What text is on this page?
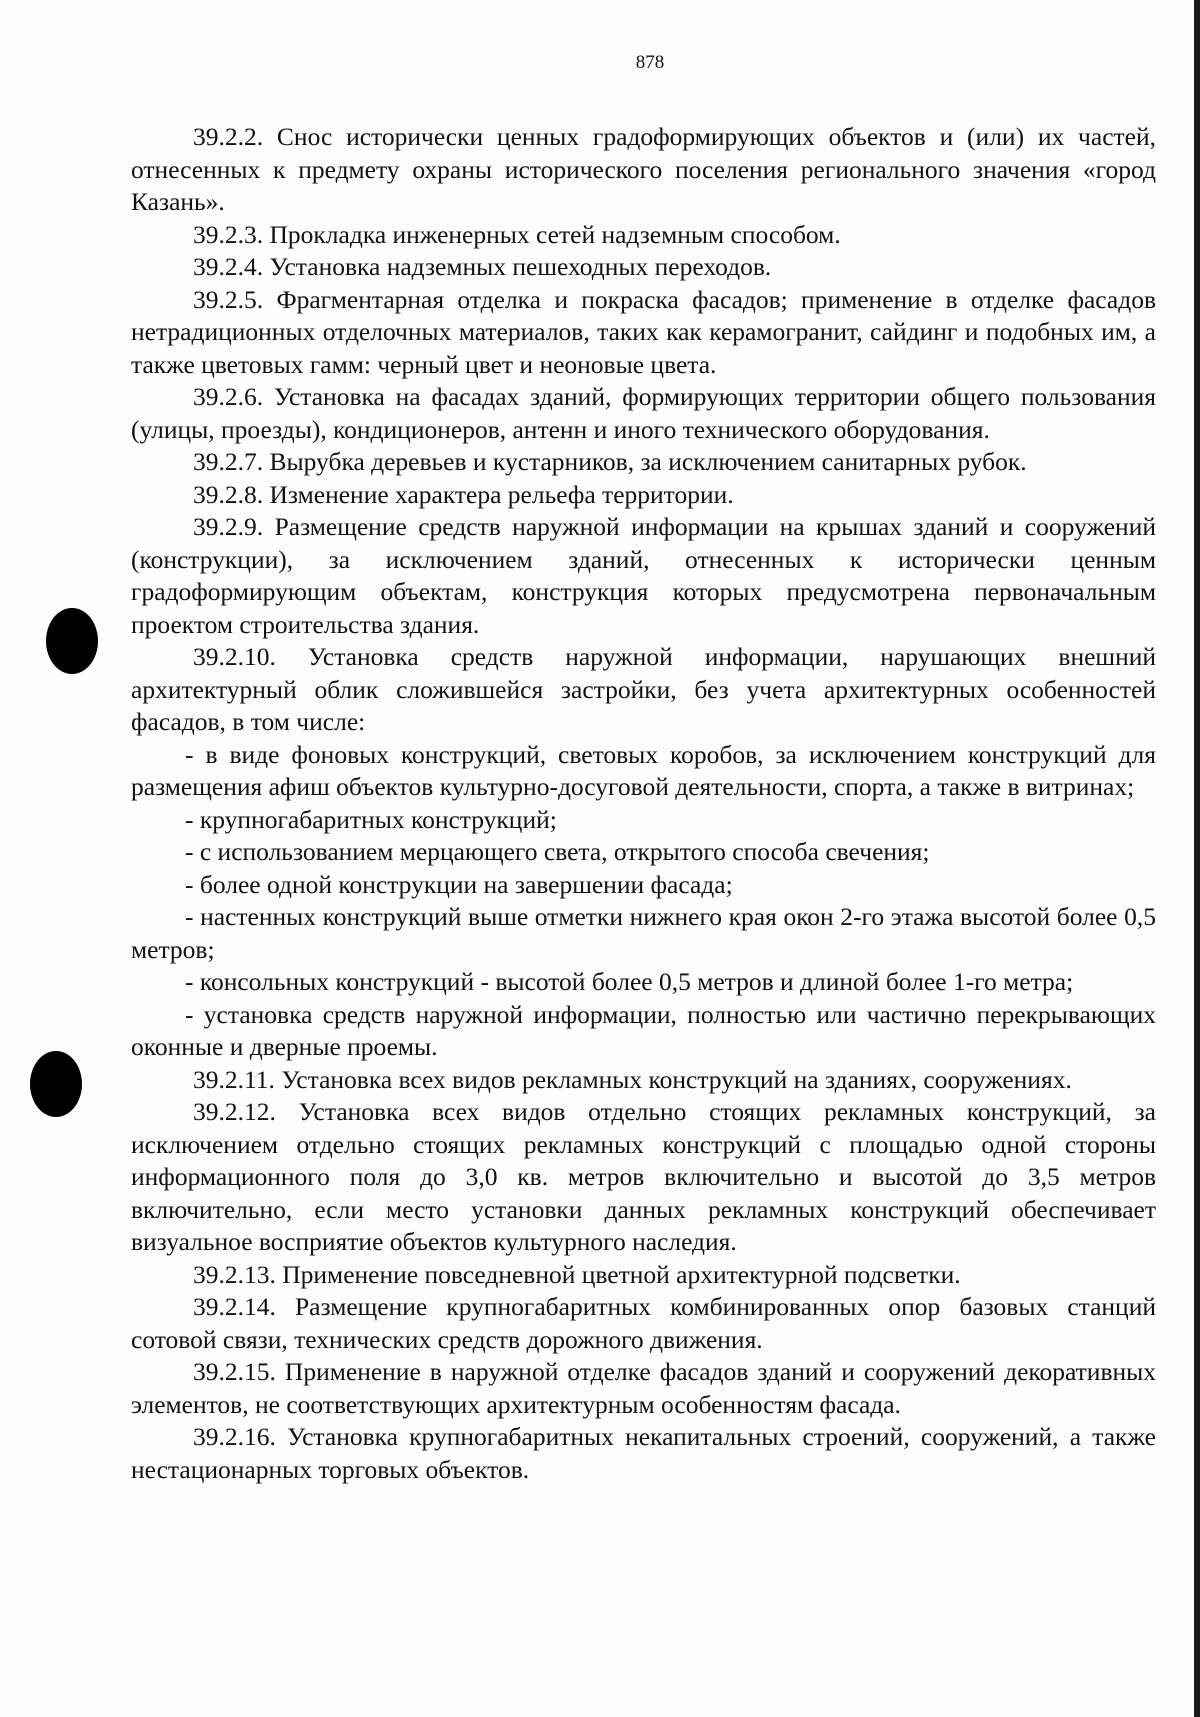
878

39.2.2. Снос исторически ценных градоформирующих объектов и (или) их частей, отнесенных к предмету охраны исторического поселения регионального значения «город Казань».

39.2.3. Прокладка инженерных сетей надземным способом.

39.2.4. Установка надземных пешеходных переходов.

39.2.5. Фрагментарная отделка и покраска фасадов; применение в отделке фасадов нетрадиционных отделочных материалов, таких как керамогранит, сайдинг и подобных им, а также цветовых гамм: черный цвет и неоновые цвета.

39.2.6. Установка на фасадах зданий, формирующих территории общего пользования (улицы, проезды), кондиционеров, антенн и иного технического оборудования.

39.2.7. Вырубка деревьев и кустарников, за исключением санитарных рубок.

39.2.8. Изменение характера рельефа территории.

39.2.9. Размещение средств наружной информации на крышах зданий и сооружений (конструкции), за исключением зданий, отнесенных к исторически ценным градоформирующим объектам, конструкция которых предусмотрена первоначальным проектом строительства здания.

39.2.10. Установка средств наружной информации, нарушающих внешний архитектурный облик сложившейся застройки, без учета архитектурных особенностей фасадов, в том числе:

- в виде фоновых конструкций, световых коробов, за исключением конструкций для размещения афиш объектов культурно-досуговой деятельности, спорта, а также в витринах;

- крупногабаритных конструкций;

- с использованием мерцающего света, открытого способа свечения;

- более одной конструкции на завершении фасада;

- настенных конструкций выше отметки нижнего края окон 2-го этажа высотой более 0,5 метров;

- консольных конструкций - высотой более 0,5 метров и длиной более 1-го метра;

- установка средств наружной информации, полностью или частично перекрывающих оконные и дверные проемы.

39.2.11. Установка всех видов рекламных конструкций на зданиях, сооружениях.

39.2.12. Установка всех видов отдельно стоящих рекламных конструкций, за исключением отдельно стоящих рекламных конструкций с площадью одной стороны информационного поля до 3,0 кв. метров включительно и высотой до 3,5 метров включительно, если место установки данных рекламных конструкций обеспечивает визуальное восприятие объектов культурного наследия.

39.2.13. Применение повседневной цветной архитектурной подсветки.

39.2.14. Размещение крупногабаритных комбинированных опор базовых станций сотовой связи, технических средств дорожного движения.

39.2.15. Применение в наружной отделке фасадов зданий и сооружений декоративных элементов, не соответствующих архитектурным особенностям фасада.

39.2.16. Установка крупногабаритных некапитальных строений, сооружений, а также нестационарных торговых объектов.
